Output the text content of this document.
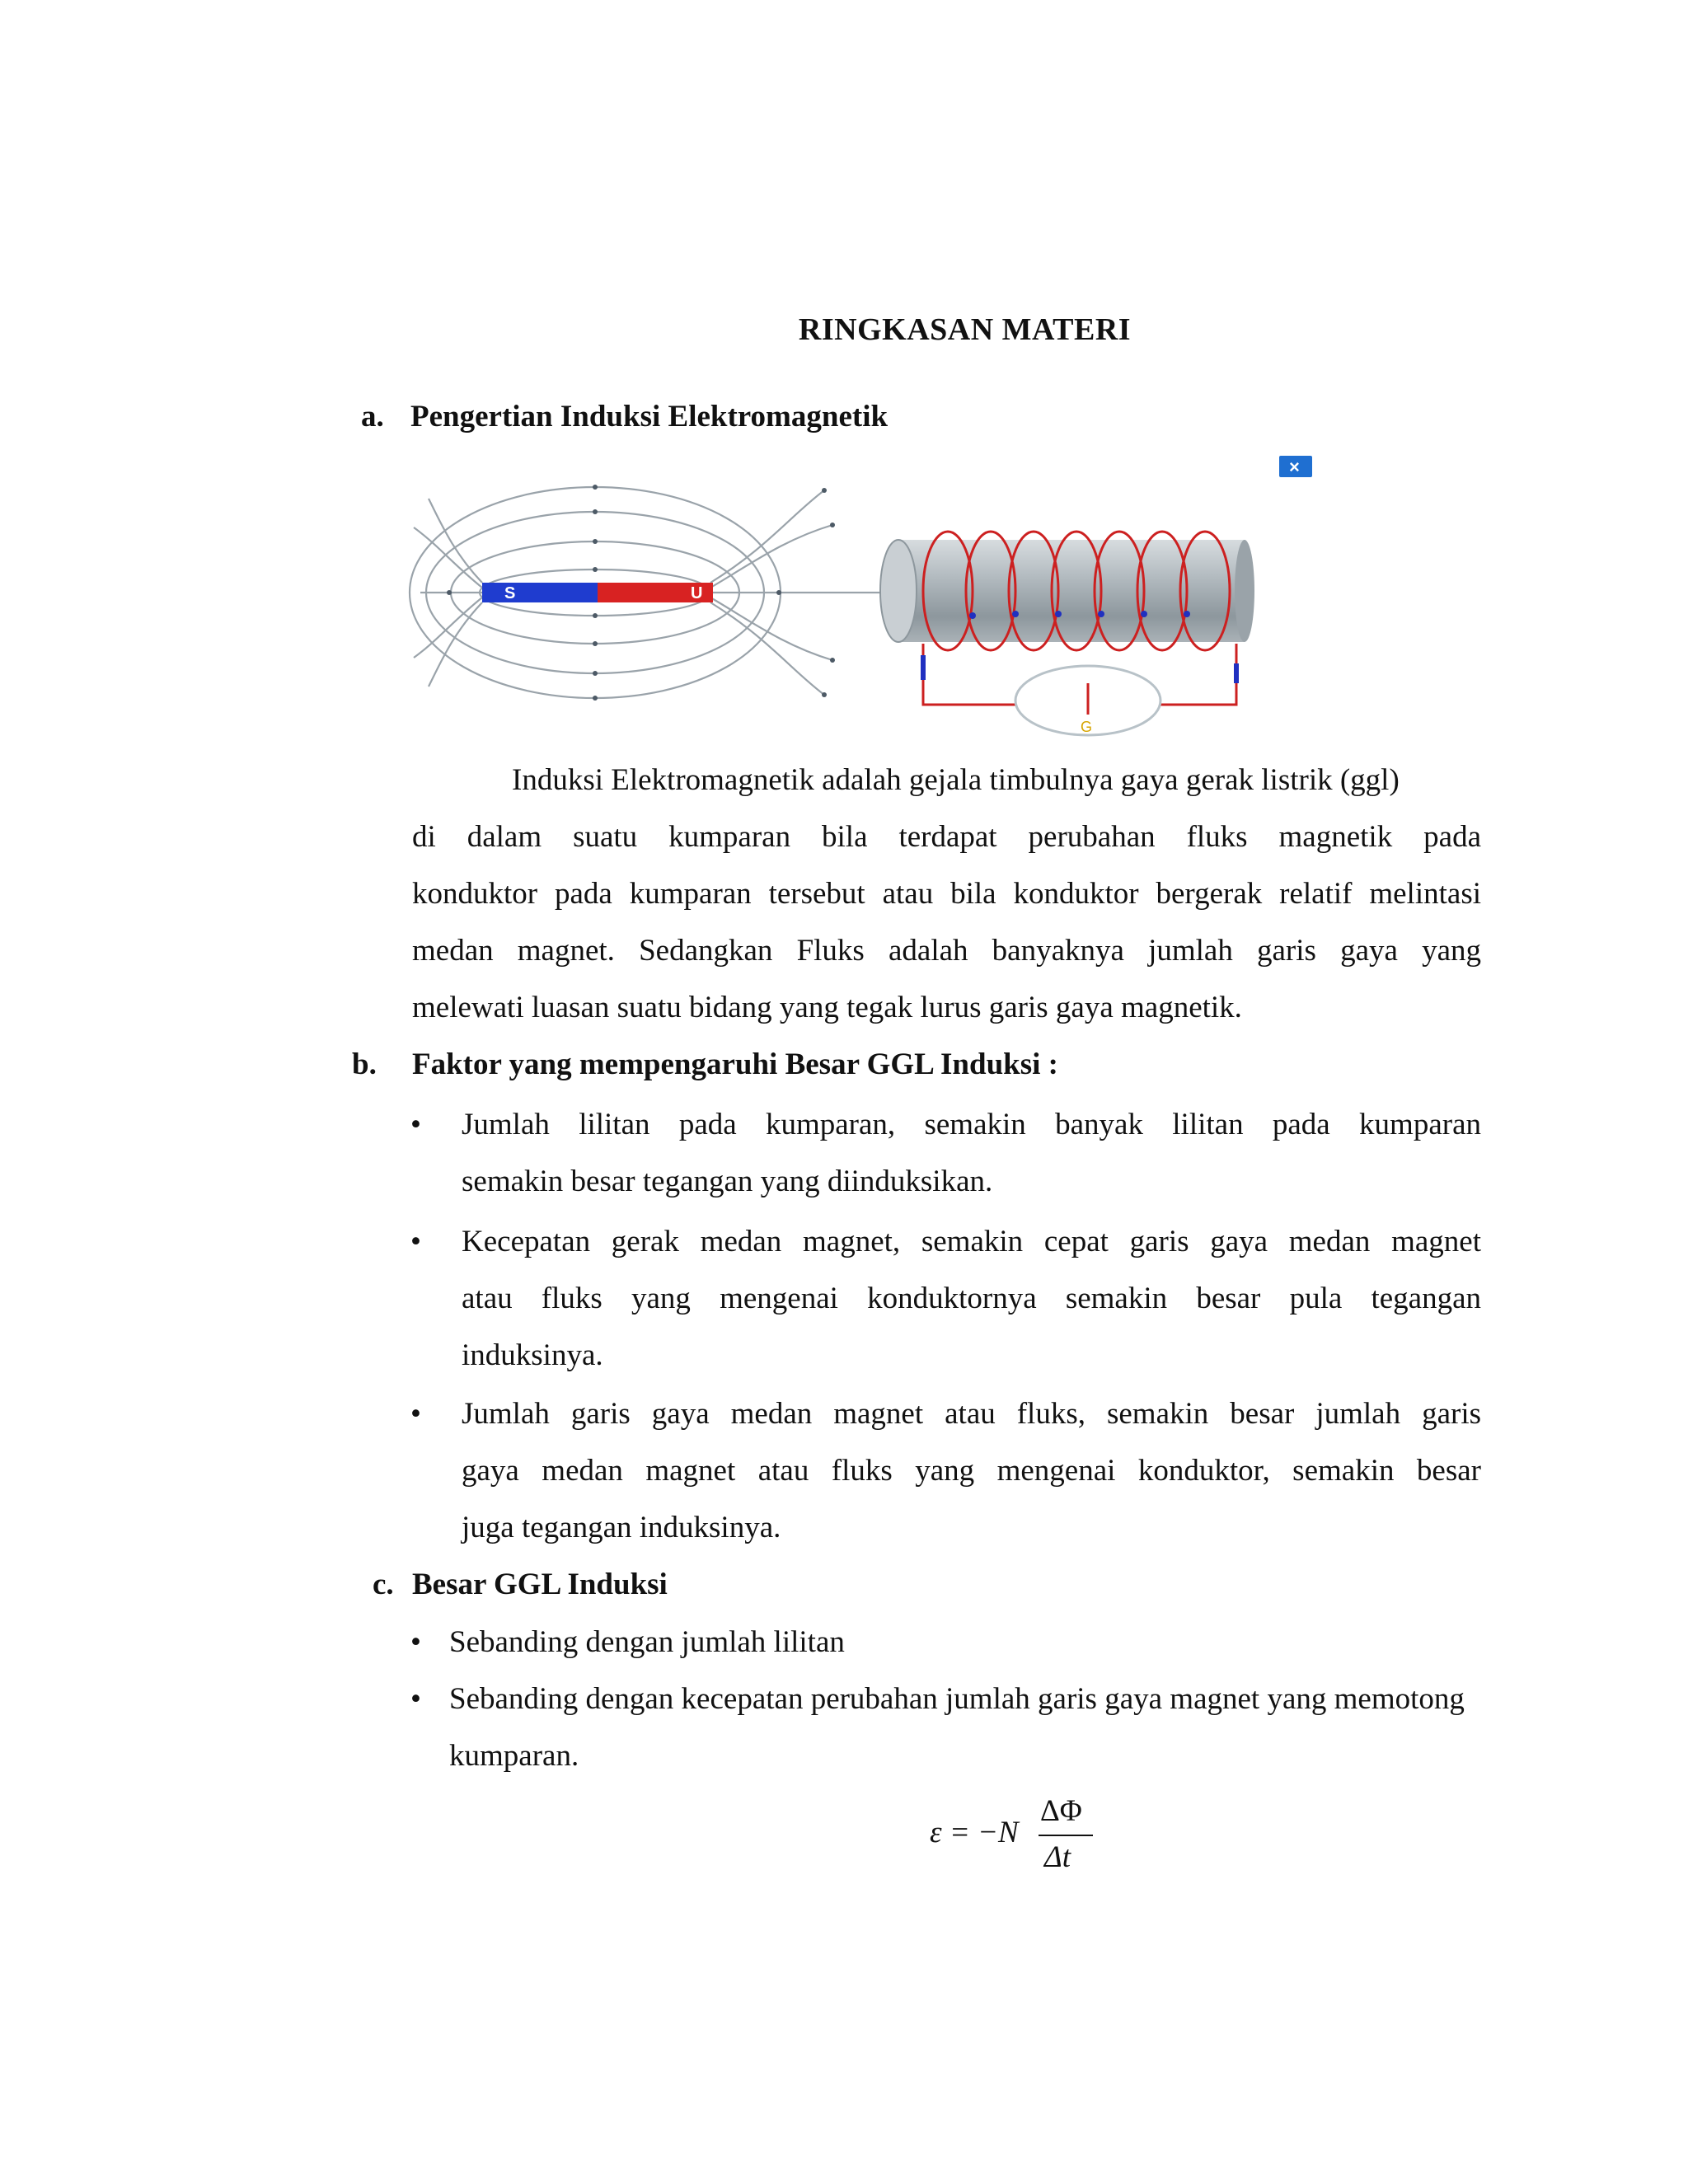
RINGKASAN MATERI
a. Pengertian Induksi Elektromagnetik
S	U
G
×
Induksi Elektromagnetik adalah gejala timbulnya gaya gerak listrik (ggl)
di dalam suatu kumparan bila terdapat perubahan fluks magnetik pada
konduktor pada kumparan tersebut atau bila konduktor bergerak relatif melintasi
medan magnet. Sedangkan Fluks adalah banyaknya jumlah garis gaya yang
melewati luasan suatu bidang yang tegak lurus garis gaya magnetik.
b. Faktor yang mempengaruhi Besar GGL Induksi :
• Jumlah lilitan pada kumparan, semakin banyak lilitan pada kumparan
semakin besar tegangan yang diinduksikan.
• Kecepatan gerak medan magnet, semakin cepat garis gaya medan magnet
atau fluks yang mengenai konduktornya semakin besar pula tegangan
induksinya.
• Jumlah garis gaya medan magnet atau fluks, semakin besar jumlah garis
gaya medan magnet atau fluks yang mengenai konduktor, semakin besar
juga tegangan induksinya.
c. Besar GGL Induksi
• Sebanding dengan jumlah lilitan
• Sebanding dengan kecepatan perubahan jumlah garis gaya magnet yang memotong
kumparan.
ε = −N
ΔΦ
Δt
